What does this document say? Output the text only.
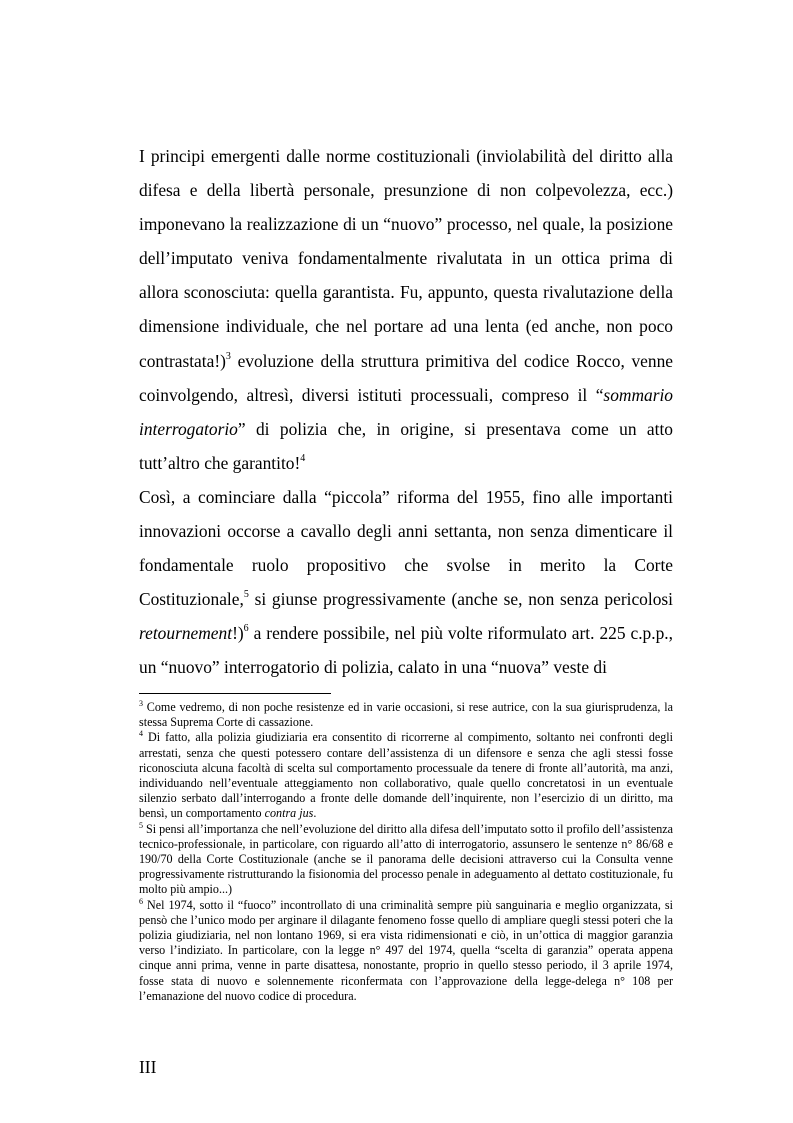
I principi emergenti dalle norme costituzionali (inviolabilità del diritto alla difesa e della libertà personale, presunzione di non colpevolezza, ecc.) imponevano la realizzazione di un “nuovo” processo, nel quale, la posizione dell’imputato veniva fondamentalmente rivalutata in un ottica prima di allora sconosciuta: quella garantista. Fu, appunto, questa rivalutazione della dimensione individuale, che nel portare ad una lenta (ed anche, non poco contrastata!)$^3$ evoluzione della struttura primitiva del codice Rocco, venne coinvolgendo, altresì, diversi istituti processuali, compreso il “sommario interrogatorio” di polizia che, in origine, si presentava come un atto tutt’altro che garantito!$^4$

Così, a cominciare dalla “piccola” riforma del 1955, fino alle importanti innovazioni occorse a cavallo degli anni settanta, non senza dimenticare il fondamentale ruolo propositivo che svolse in merito la Corte Costituzionale,$^5$ si giunse progressivamente (anche se, non senza pericolosi retournement!)$^6$ a rendere possibile, nel più volte riformulato art. 225 c.p.p., un “nuovo” interrogatorio di polizia, calato in una “nuova” veste di

$^3$ Come vedremo, di non poche resistenze ed in varie occasioni, si rese autrice, con la sua giurisprudenza, la stessa Suprema Corte di cassazione.

$^4$ Di fatto, alla polizia giudiziaria era consentito di ricorrerne al compimento, soltanto nei confronti degli arrestati, senza che questi potessero contare dell’assistenza di un difensore e senza che agli stessi fosse riconosciuta alcuna facoltà di scelta sul comportamento processuale da tenere di fronte all’autorità, ma anzi, individuando nell’eventuale atteggiamento non collaborativo, quale quello concretatosi in un eventuale silenzio serbato dall’interrogando a fronte delle domande dell’inquirente, non l’esercizio di un diritto, ma bensì, un comportamento contra jus.

$^5$ Si pensi all’importanza che nell’evoluzione del diritto alla difesa dell’imputato sotto il profilo dell’assistenza tecnico-professionale, in particolare, con riguardo all’atto di interrogatorio, assunsero le sentenze n° 86/68 e 190/70 della Corte Costituzionale (anche se il panorama delle decisioni attraverso cui la Consulta venne progressivamente ristrutturando la fisionomia del processo penale in adeguamento al dettato costituzionale, fu molto più ampio...)

$^6$ Nel 1974, sotto il “fuoco” incontrollato di una criminalità sempre più sanguinaria e meglio organizzata, si pensò che l’unico modo per arginare il dilagante fenomeno fosse quello di ampliare quegli stessi poteri che la polizia giudiziaria, nel non lontano 1969, si era vista ridimensionati e ciò, in un’ottica di maggior garanzia verso l’indiziato. In particolare, con la legge n° 497 del 1974, quella “scelta di garanzia” operata appena cinque anni prima, venne in parte disattesa, nonostante, proprio in quello stesso periodo, il 3 aprile 1974, fosse stata di nuovo e solennemente riconfermata con l’approvazione della legge-delega n° 108 per l’emanazione del nuovo codice di procedura.

III
